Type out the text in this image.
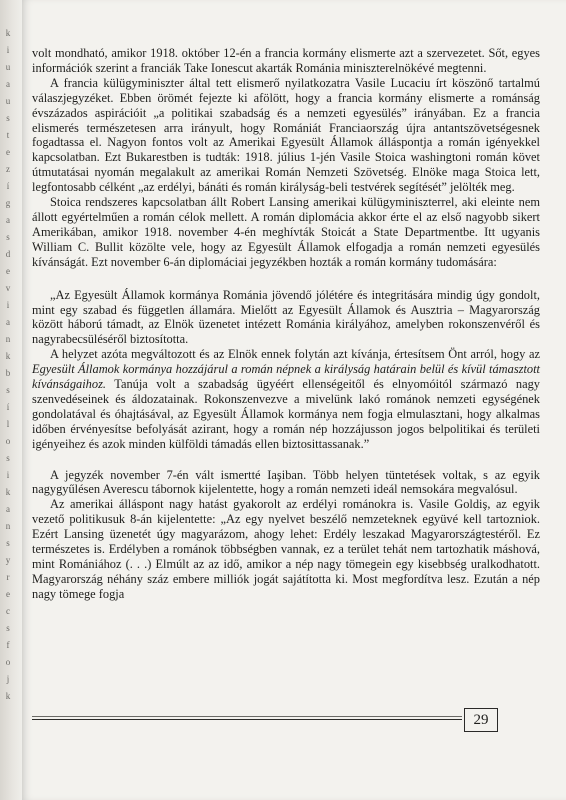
k
i
u
a
u
s
t
e
z
í
g
a
s
d
e
v
i
a
n
k
b
s
í
l
o
s
i
k
a
n
s
y
r
e
c
s
f
o
j
k

volt mondható, amikor 1918. október 12-én a francia kormány elismerte azt a szervezetet. Sőt, egyes információk szerint a franciák Take Ionescut akarták Románia miniszterelnökévé megtenni.

A francia külügyminiszter által tett elismerő nyilatkozatra Vasile Lucaciu írt köszönő tartalmú válaszjegyzéket. Ebben örömét fejezte ki afölött, hogy a francia kormány elismerte a románság évszázados aspirációit „a politikai szabadság és a nemzeti egyesülés” irányában. Ez a francia elismerés természetesen arra irányult, hogy Romániát Franciaország újra antantszövetségesnek fogadtassa el. Nagyon fontos volt az Amerikai Egyesült Államok álláspontja a román igényekkel kapcsolatban. Ezt Bukarestben is tudták: 1918. július 1-jén Vasile Stoica washingtoni román követ útmutatásai nyomán megalakult az amerikai Román Nemzeti Szövetség. Elnöke maga Stoica lett, legfontosabb célként „az erdélyi, bánáti és román királyság-beli testvérek segítését” jelölték meg.

Stoica rendszeres kapcsolatban állt Robert Lansing amerikai külügyminiszterrel, aki eleinte nem állott egyértelműen a román célok mellett. A román diplomácia akkor érte el az első nagyobb sikert Amerikában, amikor 1918. november 4-én meghívták Stoicát a State Departmentbe. Itt ugyanis William C. Bullit közölte vele, hogy az Egyesült Államok elfogadja a román nemzeti egyesülés kívánságát. Ezt november 6-án diplomáciai jegyzékben hozták a román kormány tudomására:

„Az Egyesült Államok kormánya Románia jövendő jólétére és integritására mindig úgy gondolt, mint egy szabad és független államára. Mielőtt az Egyesült Államok és Ausztria – Magyarország között háború támadt, az Elnök üzenetet intézett Románia királyához, amelyben rokonszenvéről és nagyrabecsüléséről biztosította.

A helyzet azóta megváltozott és az Elnök ennek folytán azt kívánja, értesítsem Önt arról, hogy az Egyesült Államok kormánya hozzájárul a román népnek a királyság határain belül és kívül támasztott kívánságaihoz. Tanúja volt a szabadság ügyéért ellenségeitől és elnyomóitól származó nagy szenvedéseinek és áldozatainak. Rokonszenvezve a mivelünk lakó románok nemzeti egységének gondolatával és óhajtásával, az Egyesült Államok kormánya nem fogja elmulasztani, hogy alkalmas időben érvényesítse befolyását azirant, hogy a román nép hozzájusson jogos belpolitikai és területi igényeihez és azok minden külföldi támadás ellen biztosittassanak.”

A jegyzék november 7-én vált ismertté Iaşiban. Több helyen tüntetések voltak, s az egyik nagygyűlésen Averescu tábornok kijelentette, hogy a román nemzeti ideál nemsokára megvalósul.

Az amerikai álláspont nagy hatást gyakorolt az erdélyi románokra is. Vasile Goldiş, az egyik vezető politikusuk 8-án kijelentette: „Az egy nyelvet beszélő nemzeteknek együvé kell tartozniok. Ezért Lansing üzenetét úgy magyarázom, ahogy lehet: Erdély leszakad Magyarországtestéről. Ez természetes is. Erdélyben a románok többségben vannak, ez a terület tehát nem tartozhatik máshová, mint Romániához (. . .) Elmúlt az az idő, amikor a nép nagy tömegein egy kisebbség uralkodhatott. Magyarország néhány száz embere milliók jogát sajátította ki. Most megfordítva lesz. Ezután a nép nagy tömege fogja

29
